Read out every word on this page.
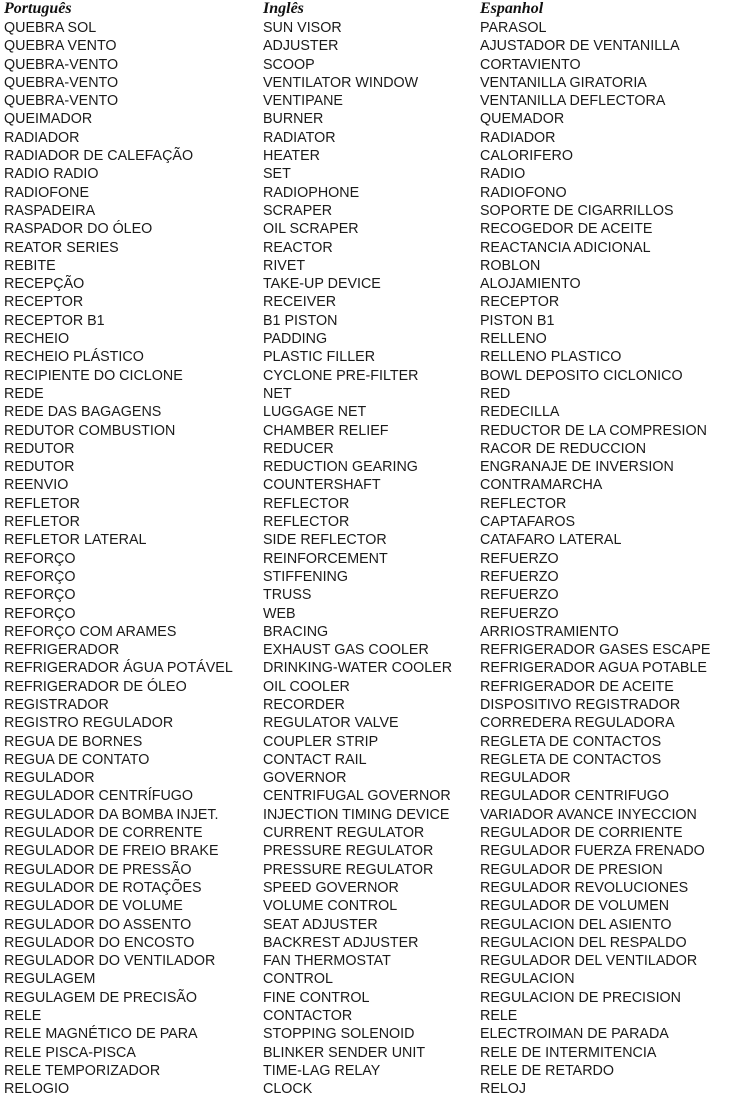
Português	Inglês	Espanhol
QUEBRA SOL	SUN VISOR	PARASOL
QUEBRA VENTO	ADJUSTER	AJUSTADOR DE VENTANILLA
QUEBRA-VENTO	SCOOP	CORTAVIENTO
QUEBRA-VENTO	VENTILATOR WINDOW	VENTANILLA GIRATORIA
QUEBRA-VENTO	VENTIPANE	VENTANILLA DEFLECTORA
QUEIMADOR	BURNER	QUEMADOR
RADIADOR	RADIATOR	RADIADOR
RADIADOR DE CALEFAÇÃO	HEATER	CALORIFERO
RADIO RADIO	SET	RADIO
RADIOFONE	RADIOPHONE	RADIOFONO
RASPADEIRA	SCRAPER	SOPORTE DE CIGARRILLOS
RASPADOR DO ÓLEO	OIL SCRAPER	RECOGEDOR DE ACEITE
REATOR SERIES	REACTOR	REACTANCIA ADICIONAL
REBITE	RIVET	ROBLON
RECEPÇÃO	TAKE-UP DEVICE	ALOJAMIENTO
RECEPTOR	RECEIVER	RECEPTOR
RECEPTOR B1	B1 PISTON	PISTON B1
RECHEIO	PADDING	RELLENO
RECHEIO PLÁSTICO	PLASTIC FILLER	RELLENO PLASTICO
RECIPIENTE DO CICLONE	CYCLONE PRE-FILTER	BOWL DEPOSITO CICLONICO
REDE	NET	RED
REDE DAS BAGAGENS	LUGGAGE NET	REDECILLA
REDUTOR COMBUSTION	CHAMBER RELIEF	REDUCTOR DE LA COMPRESION
REDUTOR	REDUCER	RACOR DE REDUCCION
REDUTOR	REDUCTION GEARING	ENGRANAJE DE INVERSION
REENVIO	COUNTERSHAFT	CONTRAMARCHA
REFLETOR	REFLECTOR	REFLECTOR
REFLETOR	REFLECTOR	CAPTAFAROS
REFLETOR LATERAL	SIDE REFLECTOR	CATAFARO LATERAL
REFORÇO	REINFORCEMENT	REFUERZO
REFORÇO	STIFFENING	REFUERZO
REFORÇO	TRUSS	REFUERZO
REFORÇO	WEB	REFUERZO
REFORÇO COM ARAMES	BRACING	ARRIOSTRAMIENTO
REFRIGERADOR	EXHAUST GAS COOLER	REFRIGERADOR GASES ESCAPE
REFRIGERADOR ÁGUA POTÁVEL	DRINKING-WATER COOLER	REFRIGERADOR AGUA POTABLE
REFRIGERADOR DE ÓLEO	OIL COOLER	REFRIGERADOR DE ACEITE
REGISTRADOR	RECORDER	DISPOSITIVO REGISTRADOR
REGISTRO REGULADOR	REGULATOR VALVE	CORREDERA REGULADORA
REGUA DE BORNES	COUPLER STRIP	REGLETA DE CONTACTOS
REGUA DE CONTATO	CONTACT RAIL	REGLETA DE CONTACTOS
REGULADOR	GOVERNOR	REGULADOR
REGULADOR CENTRÍFUGO	CENTRIFUGAL GOVERNOR	REGULADOR CENTRIFUGO
REGULADOR DA BOMBA INJET.	INJECTION TIMING DEVICE	VARIADOR AVANCE INYECCION
REGULADOR DE CORRENTE	CURRENT REGULATOR	REGULADOR DE CORRIENTE
REGULADOR DE FREIO BRAKE	PRESSURE REGULATOR	REGULADOR FUERZA FRENADO
REGULADOR DE PRESSÃO	PRESSURE REGULATOR	REGULADOR DE PRESION
REGULADOR DE ROTAÇÕES	SPEED GOVERNOR	REGULADOR REVOLUCIONES
REGULADOR DE VOLUME	VOLUME CONTROL	REGULADOR DE VOLUMEN
REGULADOR DO ASSENTO	SEAT ADJUSTER	REGULACION DEL ASIENTO
REGULADOR DO ENCOSTO	BACKREST ADJUSTER	REGULACION DEL RESPALDO
REGULADOR DO VENTILADOR	FAN THERMOSTAT	REGULADOR DEL VENTILADOR
REGULAGEM	CONTROL	REGULACION
REGULAGEM DE PRECISÃO	FINE CONTROL	REGULACION DE PRECISION
RELE	CONTACTOR	RELE
RELE MAGNÉTICO DE PARA	STOPPING SOLENOID	ELECTROIMAN DE PARADA
RELE PISCA-PISCA	BLINKER SENDER UNIT	RELE DE INTERMITENCIA
RELE TEMPORIZADOR	TIME-LAG RELAY	RELE DE RETARDO
RELOGIO	CLOCK	RELOJ
